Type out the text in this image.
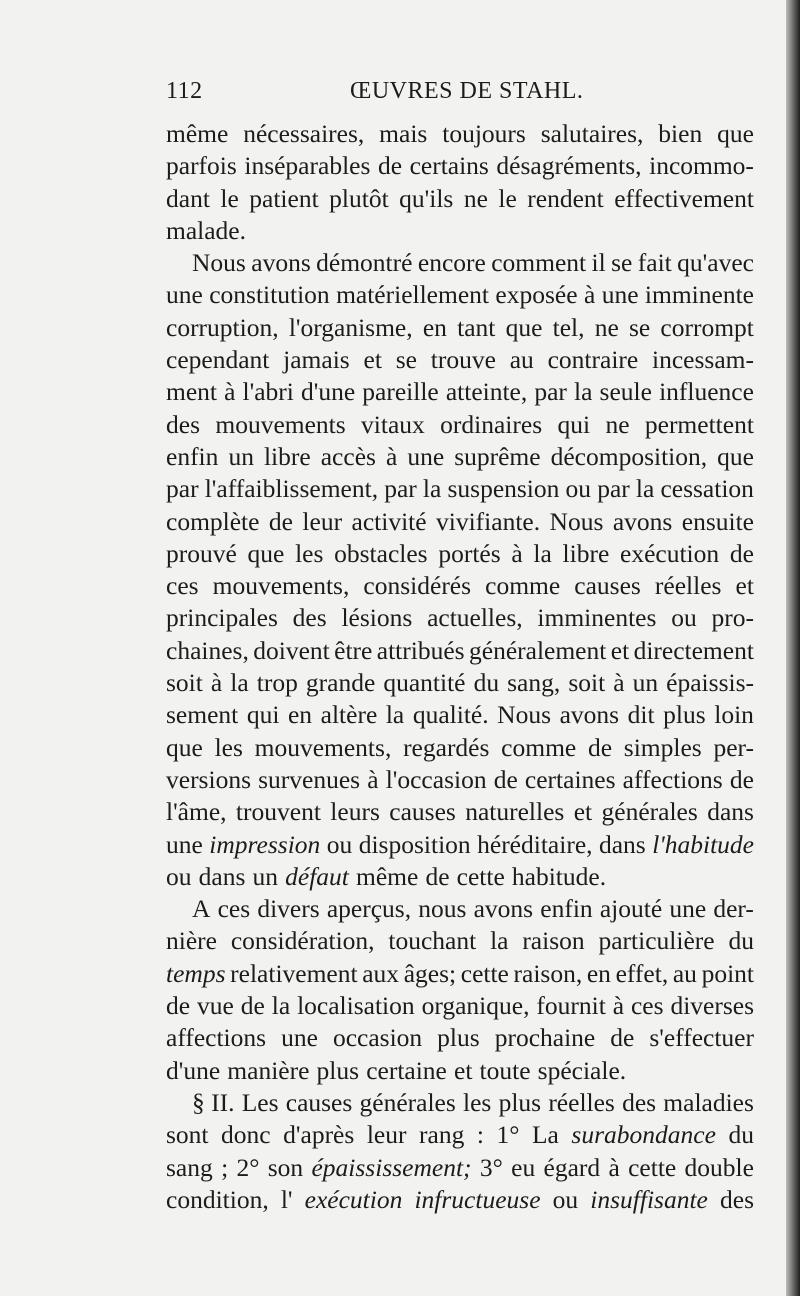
112	ŒUVRES DE STAHL.
même nécessaires, mais toujours salutaires, bien que
parfois inséparables de certains désagréments, incommo-
dant le patient plutôt qu'ils ne le rendent effectivement
malade.
Nous avons démontré encore comment il se fait qu'avec
une constitution matériellement exposée à une imminente
corruption, l'organisme, en tant que tel, ne se corrompt
cependant jamais et se trouve au contraire incessam-
ment à l'abri d'une pareille atteinte, par la seule influence
des mouvements vitaux ordinaires qui ne permettent
enfin un libre accès à une suprême décomposition, que
par l'affaiblissement, par la suspension ou par la cessation
complète de leur activité vivifiante. Nous avons ensuite
prouvé que les obstacles portés à la libre exécution de
ces mouvements, considérés comme causes réelles et
principales des lésions actuelles, imminentes ou pro-
chaines, doivent être attribués généralement et directement
soit à la trop grande quantité du sang, soit à un épaissis-
sement qui en altère la qualité. Nous avons dit plus loin
que les mouvements, regardés comme de simples per-
versions survenues à l'occasion de certaines affections de
l'âme, trouvent leurs causes naturelles et générales dans
une impression ou disposition héréditaire, dans l'habitude
ou dans un défaut même de cette habitude.
A ces divers aperçus, nous avons enfin ajouté une der-
nière considération, touchant la raison particulière du
temps relativement aux âges; cette raison, en effet, au point
de vue de la localisation organique, fournit à ces diverses
affections une occasion plus prochaine de s'effectuer
d'une manière plus certaine et toute spéciale.
§ II. Les causes générales les plus réelles des maladies
sont donc d'après leur rang : 1° La surabondance du
sang ; 2° son épaississement; 3° eu égard à cette double
condition, l' exécution infructueuse ou insuffisante des
